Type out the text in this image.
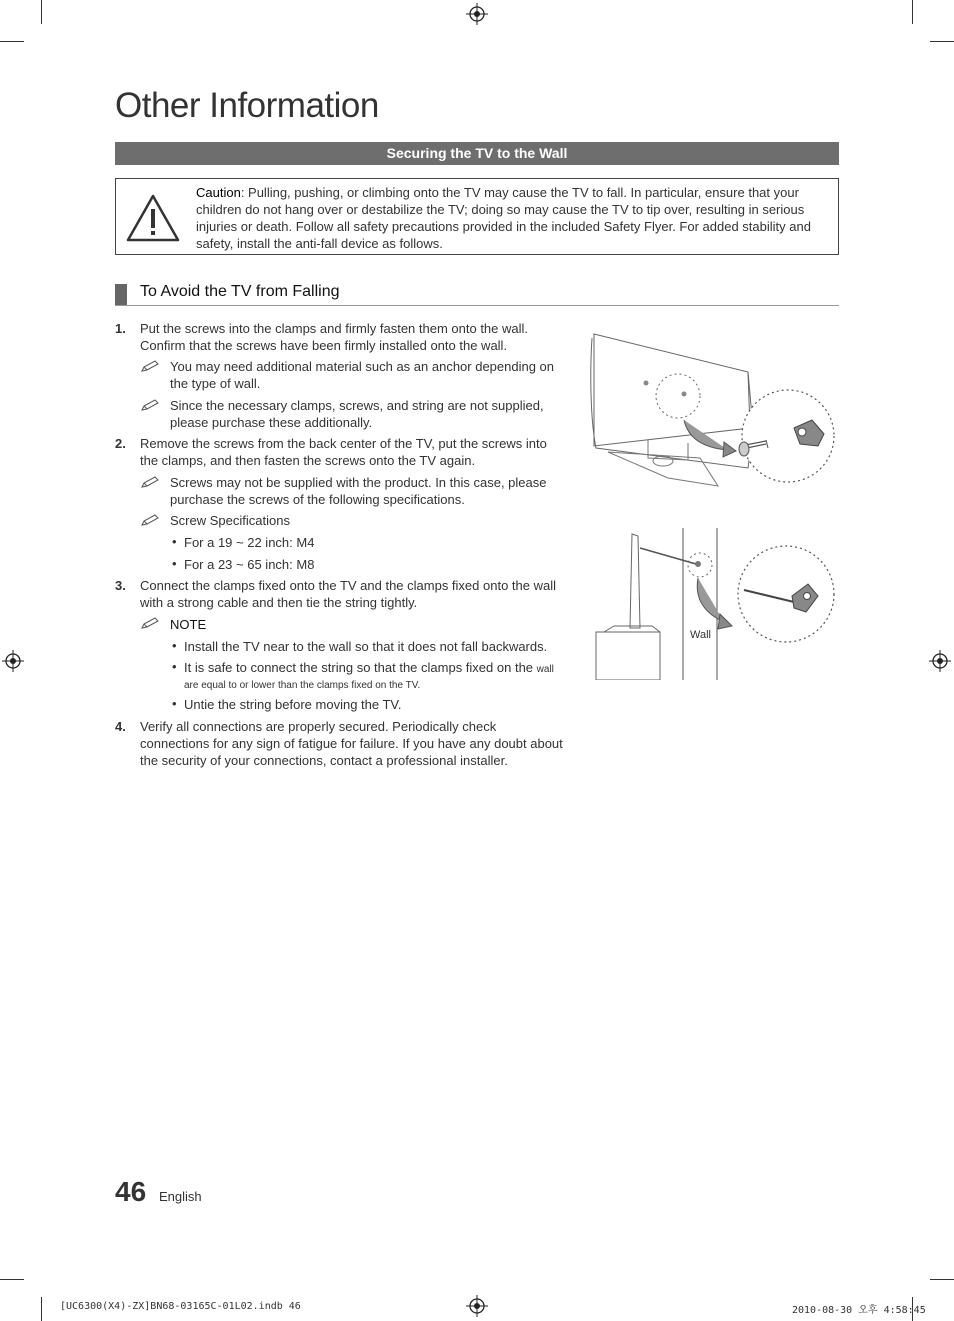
Other Information
Securing the TV to the Wall
Caution: Pulling, pushing, or climbing onto the TV may cause the TV to fall. In particular, ensure that your children do not hang over or destabilize the TV; doing so may cause the TV to tip over, resulting in serious injuries or death. Follow all safety precautions provided in the included Safety Flyer. For added stability and safety, install the anti-fall device as follows.
To Avoid the TV from Falling
1. Put the screws into the clamps and firmly fasten them onto the wall. Confirm that the screws have been firmly installed onto the wall.
You may need additional material such as an anchor depending on the type of wall.
Since the necessary clamps, screws, and string are not supplied, please purchase these additionally.
2. Remove the screws from the back center of the TV, put the screws into the clamps, and then fasten the screws onto the TV again.
Screws may not be supplied with the product. In this case, please purchase the screws of the following specifications.
Screw Specifications
• For a 19 ~ 22 inch: M4
• For a 23 ~ 65 inch: M8
3. Connect the clamps fixed onto the TV and the clamps fixed onto the wall with a strong cable and then tie the string tightly.
NOTE
• Install the TV near to the wall so that it does not fall backwards.
• It is safe to connect the string so that the clamps fixed on the wall
$^{are equal to or lower than the clamps fixed on the TV.}$
• Untie the string before moving the TV.
4. Verify all connections are properly secured. Periodically check connections for any sign of fatigue for failure. If you have any doubt about the security of your connections, contact a professional installer.
Wall
46 English
[UC6300(X4)-ZX]BN68-03165C-01L02.indb 46	2010-08-30 오후 4:58:45
